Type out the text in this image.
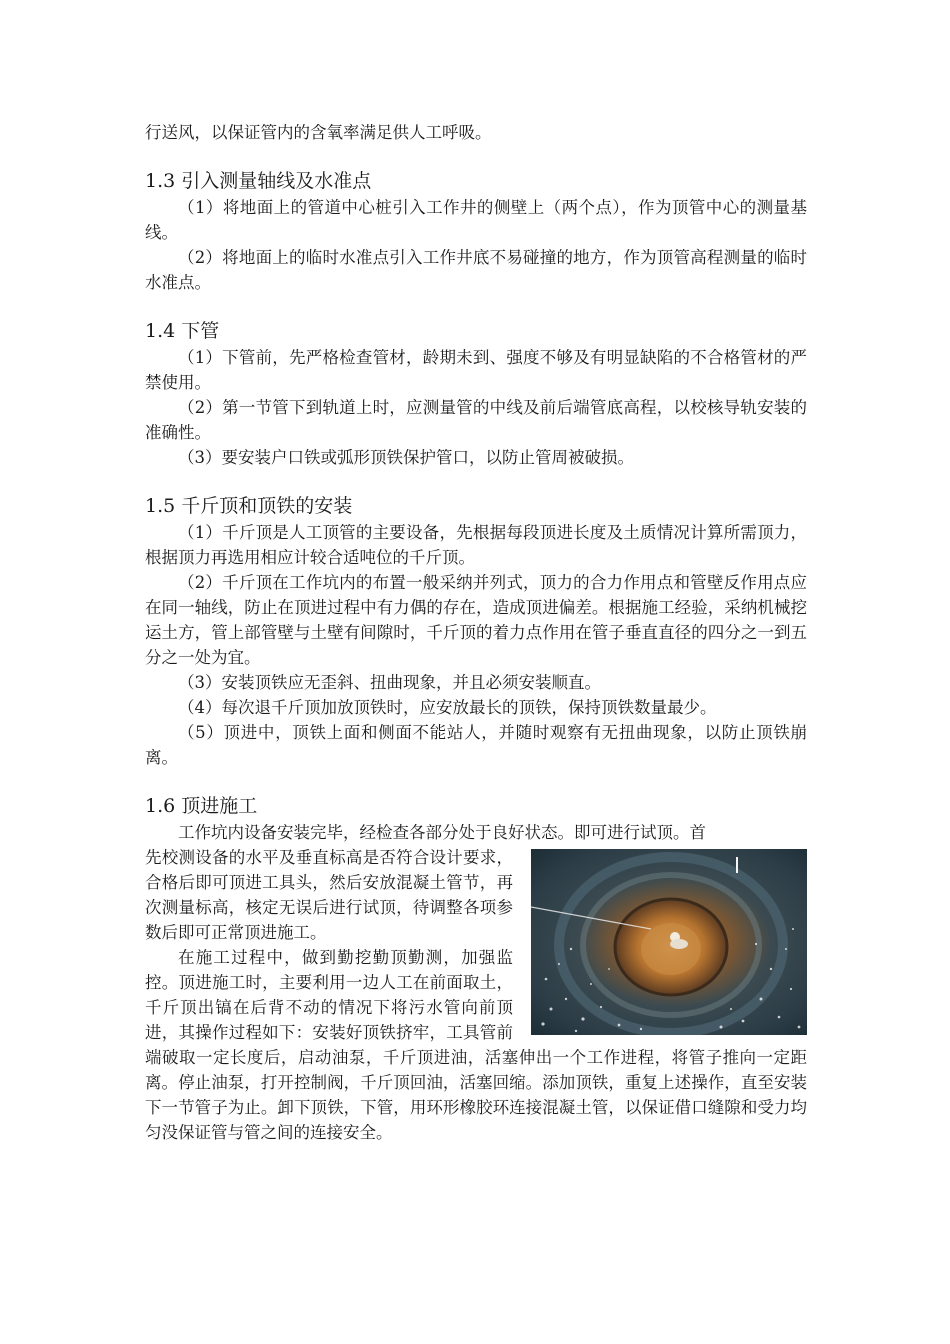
行送风，以保证管内的含氧率满足供人工呼吸。

1.3 引入测量轴线及水准点

（1）将地面上的管道中心桩引入工作井的侧壁上（两个点），作为顶管中心的测量基线。

（2）将地面上的临时水准点引入工作井底不易碰撞的地方，作为顶管高程测量的临时水准点。

1.4 下管

（1）下管前，先严格检查管材，龄期未到、强度不够及有明显缺陷的不合格管材的严禁使用。

（2）第一节管下到轨道上时，应测量管的中线及前后端管底高程，以校核导轨安装的准确性。

（3）要安装户口铁或弧形顶铁保护管口，以防止管周被破损。

1.5 千斤顶和顶铁的安装

（1）千斤顶是人工顶管的主要设备，先根据每段顶进长度及土质情况计算所需顶力，根据顶力再选用相应计较合适吨位的千斤顶。

（2）千斤顶在工作坑内的布置一般采纳并列式，顶力的合力作用点和管壁反作用点应在同一轴线，防止在顶进过程中有力偶的存在，造成顶进偏差。根据施工经验，采纳机械挖运土方，管上部管壁与土壁有间隙时，千斤顶的着力点作用在管子垂直直径的四分之一到五分之一处为宜。

（3）安装顶铁应无歪斜、扭曲现象，并且必须安装顺直。

（4）每次退千斤顶加放顶铁时，应安放最长的顶铁，保持顶铁数量最少。

（5）顶进中，顶铁上面和侧面不能站人，并随时观察有无扭曲现象，以防止顶铁崩离。

1.6 顶进施工

工作坑内设备安装完毕，经检查各部分处于良好状态。即可进行试顶。首

先校测设备的水平及垂直标高是否符合设计要求，合格后即可顶进工具头，然后安放混凝土管节，再次测量标高，核定无误后进行试顶，待调整各项参数后即可正常顶进施工。

在施工过程中，做到勤挖勤顶勤测，加强监控。顶进施工时，主要利用一边人工在前面取土，千斤顶出镐在后背不动的情况下将污水管向前顶进，其操作过程如下：安装好顶铁挤牢，工具管前端破取一定长度后，启动油泵，千斤顶进油，活塞伸出一个工作进程，将管子推向一定距离。停止油泵，打开控制阀，千斤顶回油，活塞回缩。添加顶铁，重复上述操作，直至安装下一节管子为止。卸下顶铁，下管，用环形橡胶环连接混凝土管，以保证借口缝隙和受力均匀没保证管与管之间的连接安全。
